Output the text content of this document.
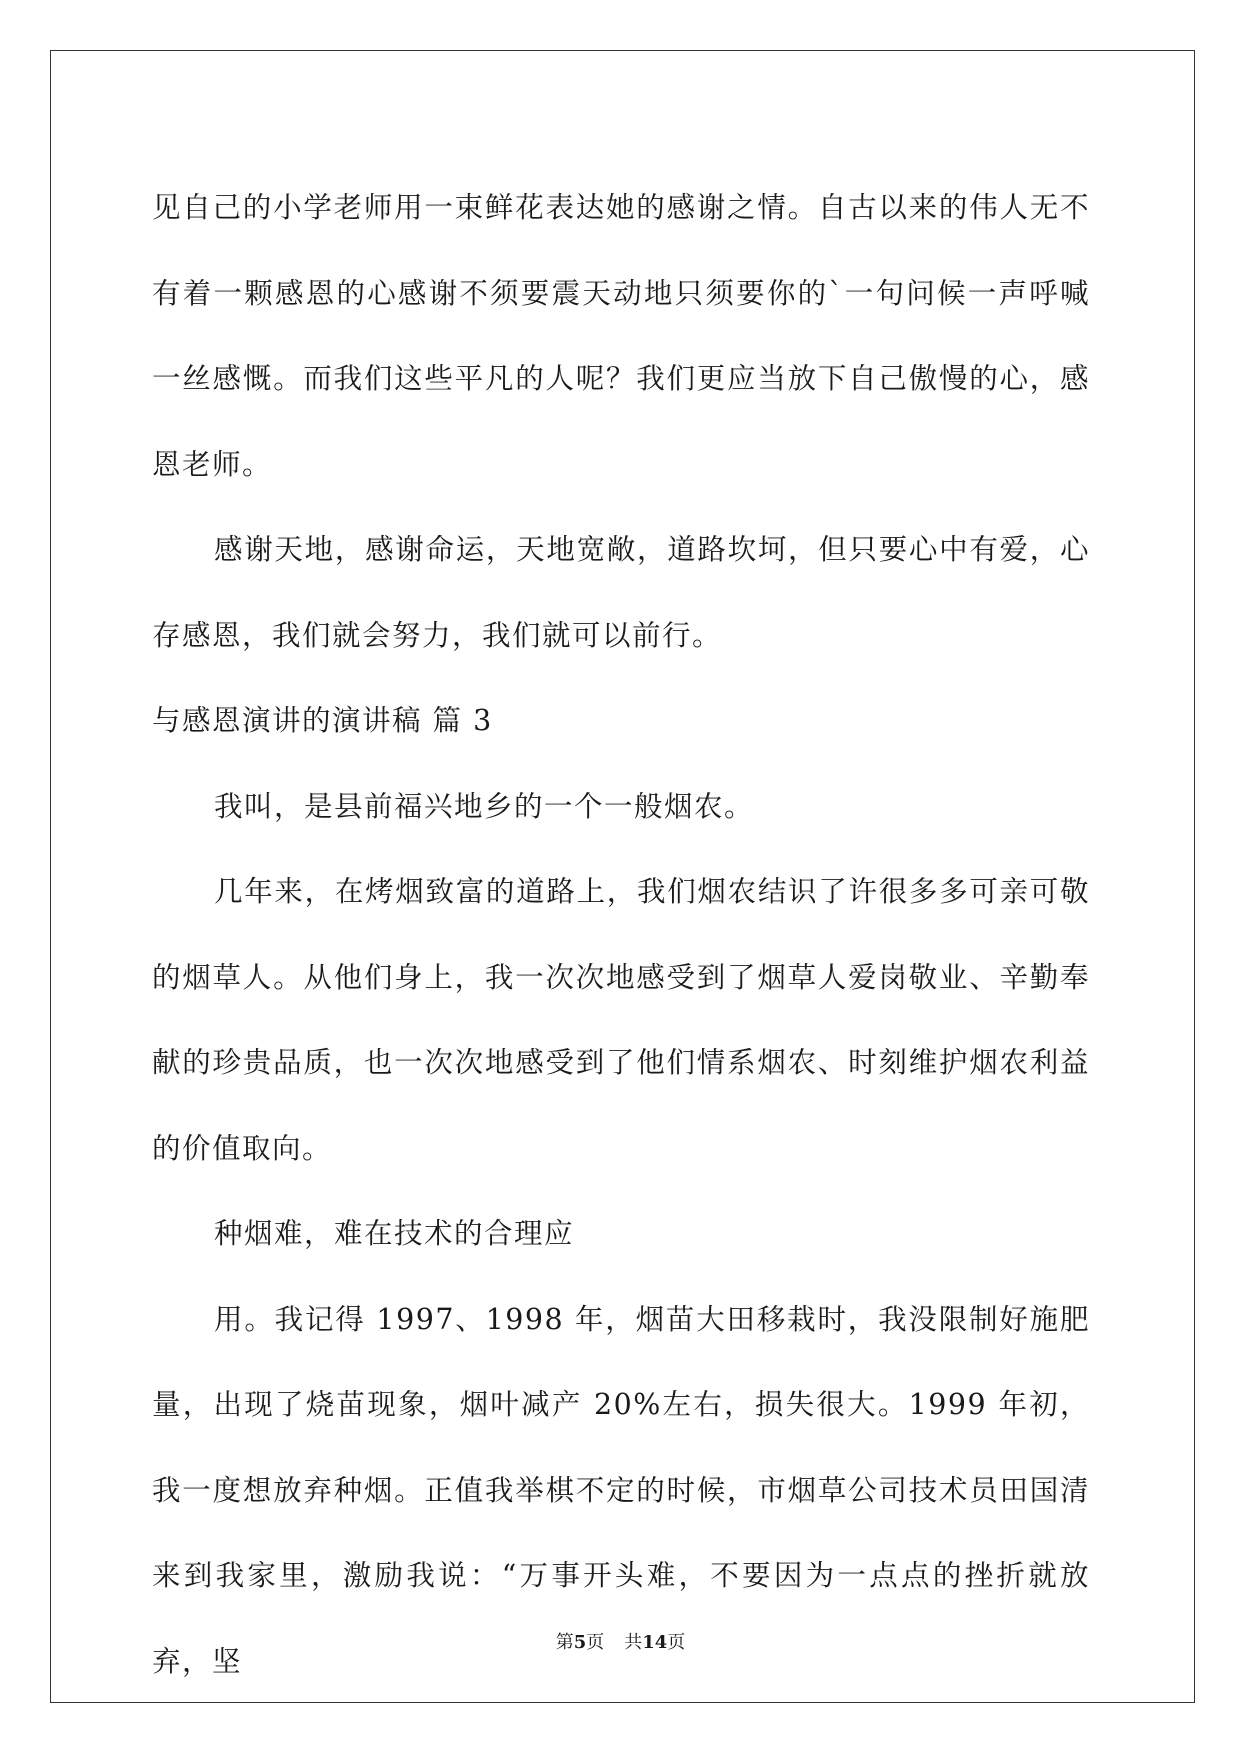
见自己的小学老师用一束鲜花表达她的感谢之情。自古以来的伟人无不有着一颗感恩的心感谢不须要震天动地只须要你的`一句问候一声呼喊一丝感慨。而我们这些平凡的人呢？我们更应当放下自己傲慢的心，感恩老师。

感谢天地，感谢命运，天地宽敞，道路坎坷，但只要心中有爱，心存感恩，我们就会努力，我们就可以前行。

与感恩演讲的演讲稿 篇 3

我叫，是县前福兴地乡的一个一般烟农。

几年来，在烤烟致富的道路上，我们烟农结识了许很多多可亲可敬的烟草人。从他们身上，我一次次地感受到了烟草人爱岗敬业、辛勤奉献的珍贵品质，也一次次地感受到了他们情系烟农、时刻维护烟农利益的价值取向。

种烟难，难在技术的合理应

用。我记得 1997、1998 年，烟苗大田移栽时，我没限制好施肥量，出现了烧苗现象，烟叶减产 20%左右，损失很大。1999 年初，我一度想放弃种烟。正值我举棋不定的时候，市烟草公司技术员田国清来到我家里，激励我说：“万事开头难，不要因为一点点的挫折就放弃，坚

第5页 共14页
